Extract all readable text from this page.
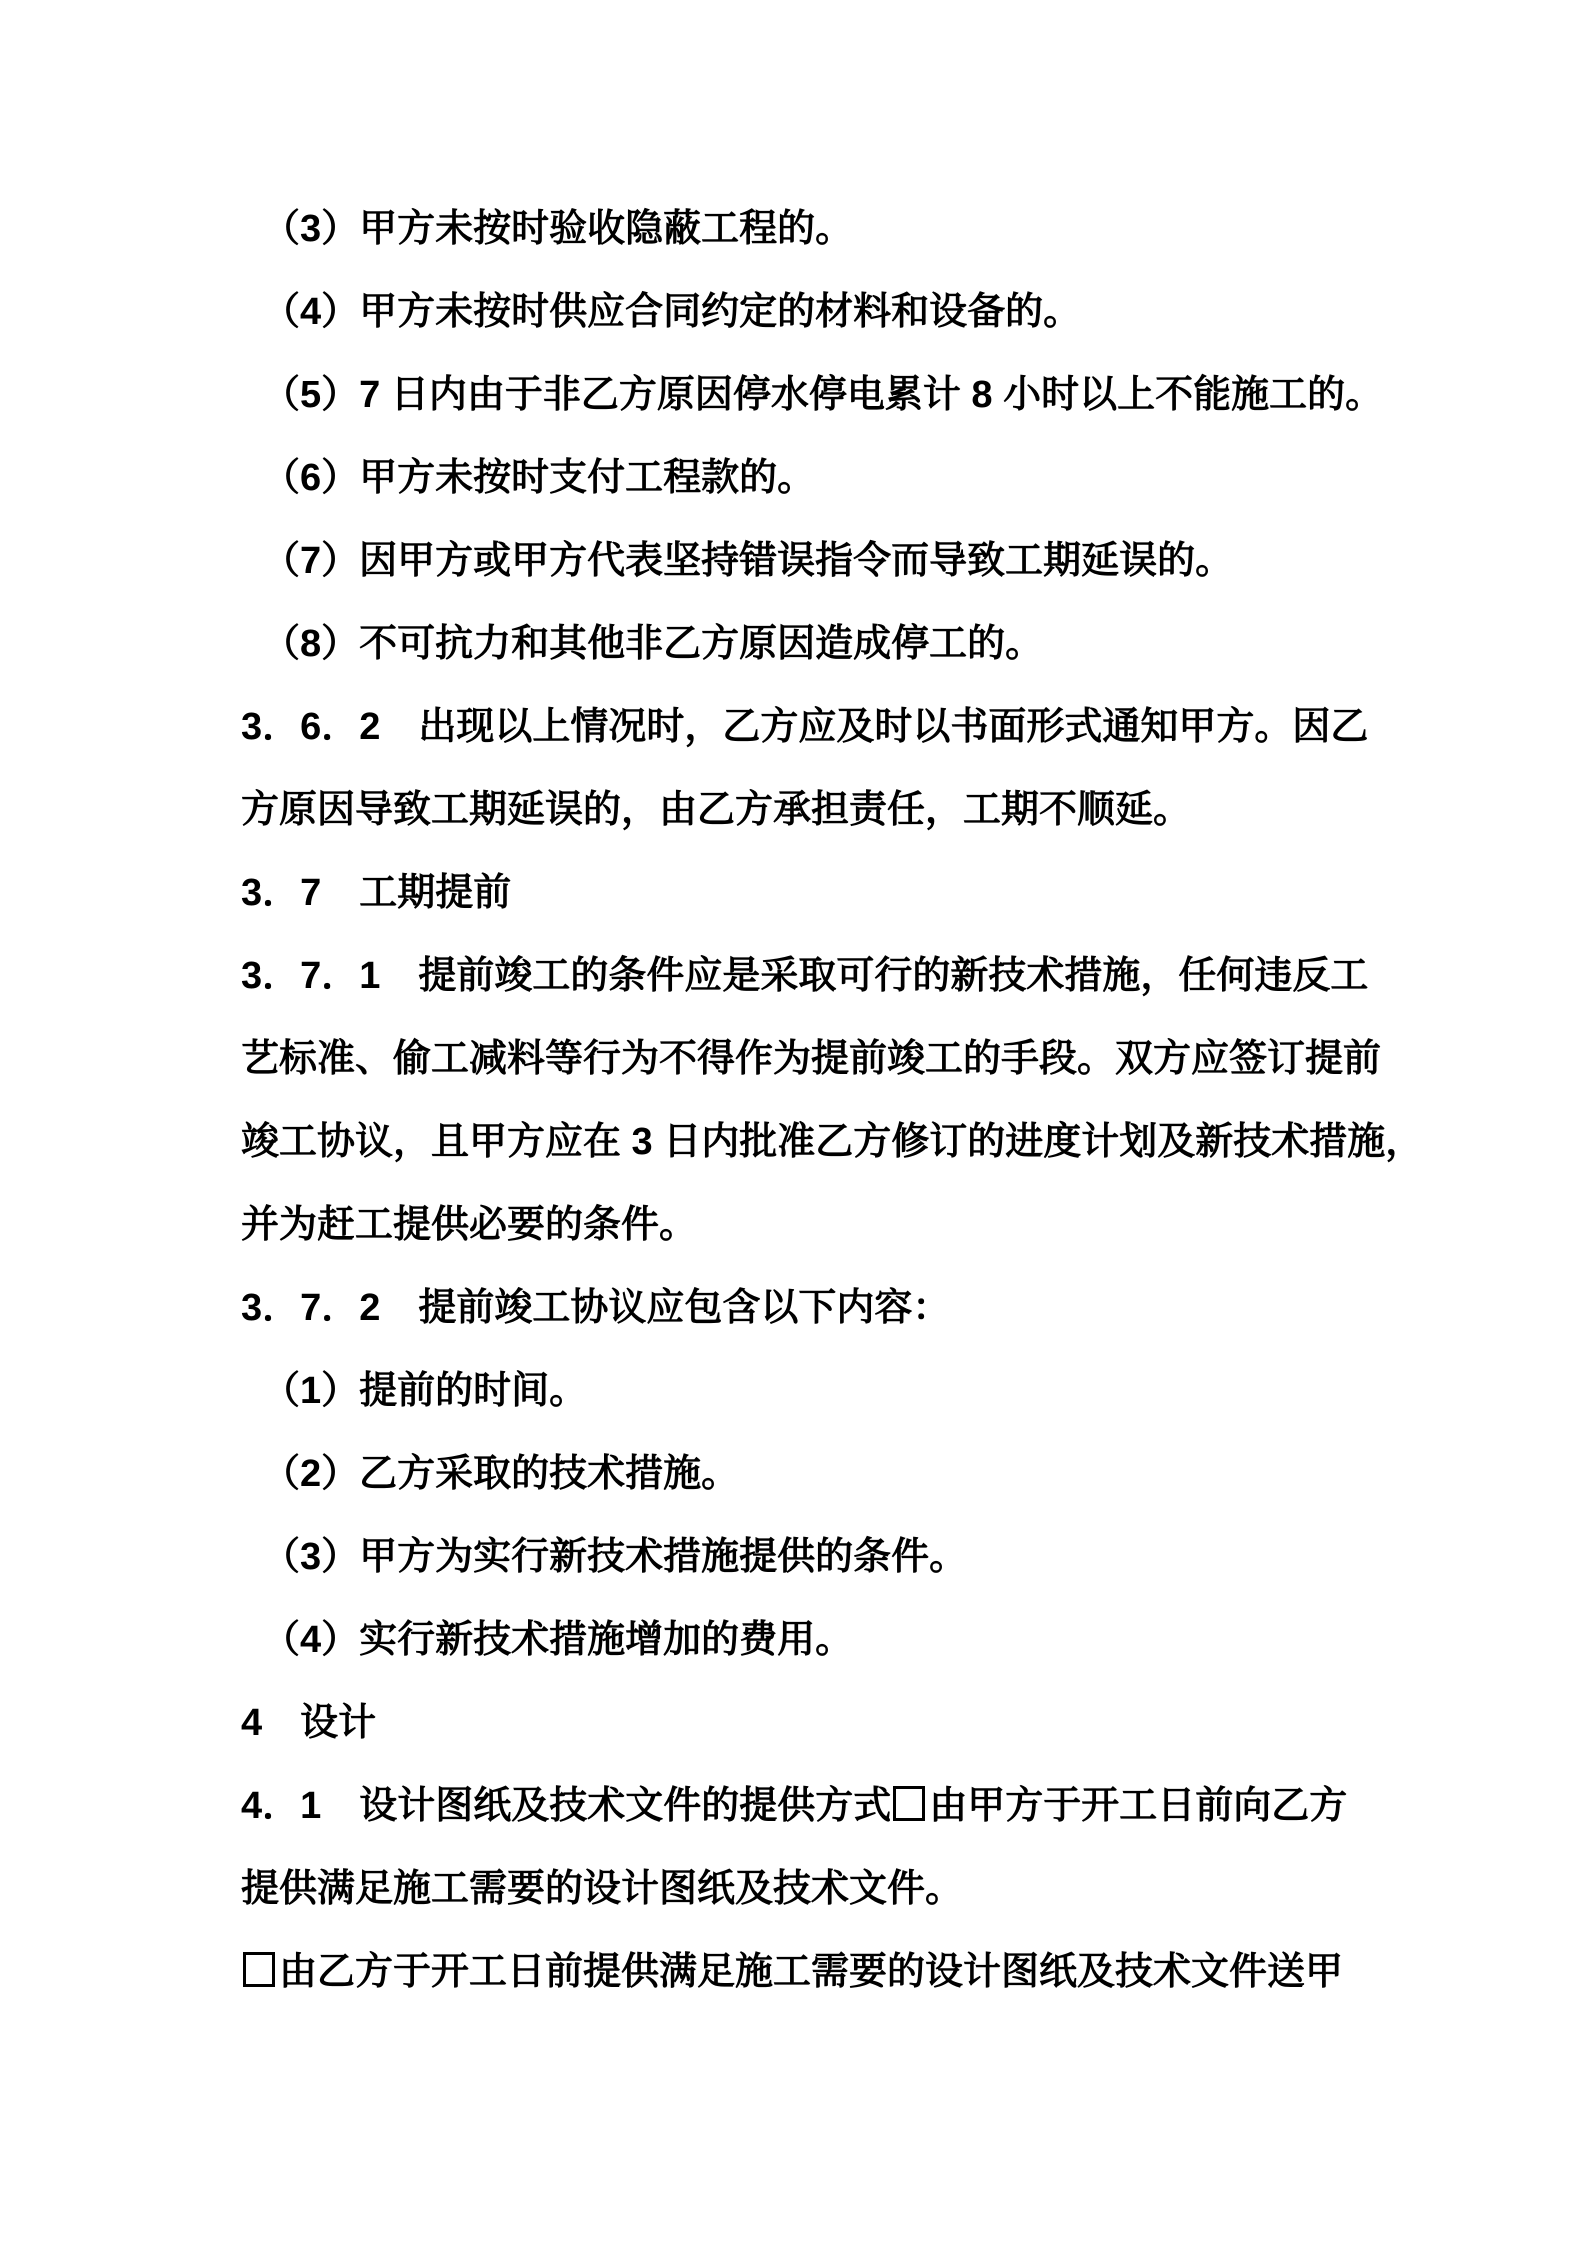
（3）甲方未按时验收隐蔽工程的。
（4）甲方未按时供应合同约定的材料和设备的。
（5）7 日内由于非乙方原因停水停电累计 8 小时以上不能施工的。
（6）甲方未按时支付工程款的。
（7）因甲方或甲方代表坚持错误指令而导致工期延误的。
（8）不可抗力和其他非乙方原因造成停工的。
3．6．2　出现以上情况时，乙方应及时以书面形式通知甲方。因乙
方原因导致工期延误的，由乙方承担责任，工期不顺延。
3．7　工期提前
3．7．1　提前竣工的条件应是采取可行的新技术措施，任何违反工
艺标准、偷工减料等行为不得作为提前竣工的手段。双方应签订提前
竣工协议，且甲方应在 3 日内批准乙方修订的进度计划及新技术措施，
并为赶工提供必要的条件。
3．7．2　提前竣工协议应包含以下内容：
（1）提前的时间。
（2）乙方采取的技术措施。
（3）甲方为实行新技术措施提供的条件。
（4）实行新技术措施增加的费用。
4　设计
4．1　设计图纸及技术文件的提供方式 由甲方于开工日前向乙方
提供满足施工需要的设计图纸及技术文件。
由乙方于开工日前提供满足施工需要的设计图纸及技术文件送甲
